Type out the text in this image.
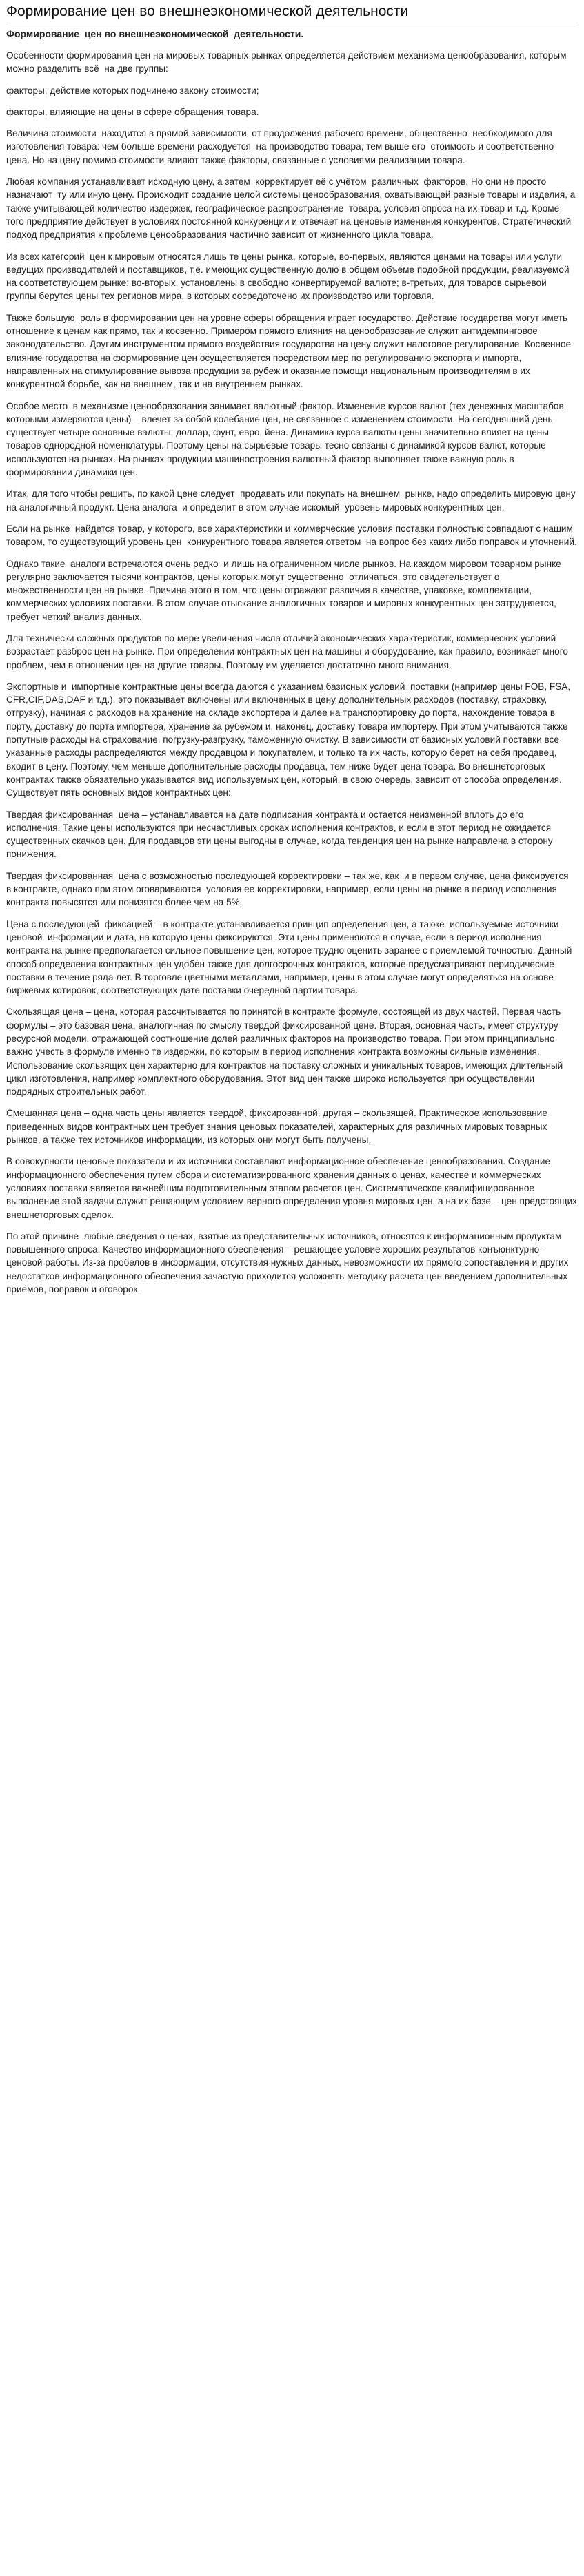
Формирование цен во внешнеэкономической деятельности
Формирование  цен во внешнеэкономической  деятельности.

Особенности формирования цен на мировых товарных рынках определяется действием механизма ценообразования, которым можно разделить всё  на две группы:

факторы, действие которых подчинено закону стоимости;

факторы, влияющие на цены в сфере обращения товара.

Величина стоимости  находится в прямой зависимости  от продолжения рабочего времени, общественно  необходимого для изготовления товара: чем больше времени расходуется  на производство товара, тем выше его  стоимость и соответственно цена. Но на цену помимо стоимости влияют также факторы, связанные с условиями реализации товара.

Любая компания устанавливает исходную цену, а затем  корректирует её с учётом  различных  факторов. Но они не просто назначают  ту или иную цену. Происходит создание целой системы ценообразования, охватывающей разные товары и изделия, а также учитывающей количество издержек, географическое распространение  товара, условия спроса на их товар и т.д. Кроме того предприятие действует в условиях постоянной конкуренции и отвечает на ценовые изменения конкурентов. Стратегический подход предприятия к проблеме ценообразования частично зависит от жизненного цикла товара.

Из всех категорий  цен к мировым относятся лишь те цены рынка, которые, во-первых, являются ценами на товары или услуги ведущих производителей и поставщиков, т.е. имеющих существенную долю в общем объеме подобной продукции, реализуемой на соответствующем рынке; во-вторых, установлены в свободно конвертируемой валюте; в-третьих, для товаров сырьевой группы берутся цены тех регионов мира, в которых сосредоточено их производство или торговля.

Также большую  роль в формировании цен на уровне сферы обращения играет государство. Действие государства могут иметь  отношение к ценам как прямо, так и косвенно. Примером прямого влияния на ценообразование служит антидемпинговое законодательство. Другим инструментом прямого воздействия государства на цену служит налоговое регулирование. Косвенное влияние государства на формирование цен осуществляется посредством мер по регулированию экспорта и импорта, направленных на стимулирование вывоза продукции за рубеж и оказание помощи национальным производителям в их конкурентной борьбе, как на внешнем, так и на внутреннем рынках.

Особое место  в механизме ценообразования занимает валютный фактор. Изменение курсов валют (тех денежных масштабов, которыми измеряются цены) – влечет за собой колебание цен, не связанное с изменением стоимости. На сегодняшний день существует четыре основные валюты: доллар, фунт, евро, йена. Динамика курса валюты цены значительно влияет на цены товаров однородной номенклатуры. Поэтому цены на сырьевые товары тесно связаны с динамикой курсов валют, которые используются на рынках. На рынках продукции машиностроения валютный фактор выполняет также важную роль в формировании динамики цен.

Итак, для того чтобы решить, по какой цене следует  продавать или покупать на внешнем  рынке, надо определить мировую цену на аналогичный продукт. Цена аналога  и определит в этом случае искомый  уровень мировых конкурентных цен.

Если на рынке  найдется товар, у которого, все характеристики и коммерческие условия поставки полностью совпадают с нашим  товаром, то существующий уровень цен  конкурентного товара является ответом  на вопрос без каких либо поправок и уточнений.

Однако такие  аналоги встречаются очень редко  и лишь на ограниченном числе рынков. На каждом мировом товарном рынке  регулярно заключается тысячи контрактов, цены которых могут существенно  отличаться, это свидетельствует о множественности цен на рынке. Причина этого в том, что цены отражают различия в качестве, упаковке, комплектации, коммерческих условиях поставки. В этом случае отыскание аналогичных товаров и мировых конкурентных цен затрудняется, требует четкий анализ данных.

Для технически сложных продуктов по мере увеличения числа отличий экономических характеристик, коммерческих условий возрастает разброс цен на рынке. При определении контрактных цен на машины и оборудование, как правило, возникает много проблем, чем в отношении цен на другие товары. Поэтому им уделяется достаточно много внимания.

Экспортные и  импортные контрактные цены всегда даются с указанием базисных условий  поставки (например цены FOB, FSA, CFR,CIF,DAS,DAF и т.д.), это показывает включены или включенных в цену дополнительных расходов (поставку, страховку, отгрузку), начиная с расходов на хранение на складе экспортера и далее на транспортировку до порта, нахождение товара в порту, доставку до порта импортера, хранение за рубежом и, наконец, доставку товара импортеру. При этом учитываются также попутные расходы на страхование, погрузку-разгрузку, таможенную очистку. В зависимости от базисных условий поставки все указанные расходы распределяются между продавцом и покупателем, и только та их часть, которую берет на себя продавец, входит в цену. Поэтому, чем меньше дополнительные расходы продавца, тем ниже будет цена товара. Во внешнеторговых контрактах также обязательно указывается вид используемых цен, который, в свою очередь, зависит от способа определения. Существует пять основных видов контрактных цен:

Твердая фиксированная  цена – устанавливается на дате подписания контракта и остается неизменной вплоть до его исполнения. Такие цены используются при несчастливых сроках исполнения контрактов, и если в этот период не ожидается существенных скачков цен. Для продавцов эти цены выгодны в случае, когда тенденция цен на рынке направлена в сторону понижения.

Твердая фиксированная  цена с возможностью последующей корректировки – так же, как  и в первом случае, цена фиксируется  в контракте, однако при этом оговариваются  условия ее корректировки, например, если цены на рынке в период исполнения контракта повысятся или понизятся более чем на 5%.

Цена с последующей  фиксацией – в контракте устанавливается принцип определения цен, а также  используемые источники ценовой  информации и дата, на которую цены фиксируются. Эти цены применяются в случае, если в период исполнения контракта на рынке предполагается сильное повышение цен, которое трудно оценить заранее с приемлемой точностью. Данный способ определения контрактных цен удобен также для долгосрочных контрактов, которые предусматривают периодические поставки в течение ряда лет. В торговле цветными металлами, например, цены в этом случае могут определяться на основе биржевых котировок, соответствующих дате поставки очередной партии товара.

Скользящая цена – цена, которая рассчитывается по принятой в контракте формуле, состоящей из двух частей. Первая часть формулы – это базовая цена, аналогичная по смыслу твердой фиксированной цене. Вторая, основная часть, имеет структуру ресурсной модели, отражающей соотношение долей различных факторов на производство товара. При этом принципиально важно учесть в формуле именно те издержки, по которым в период исполнения контракта возможны сильные изменения. Использование скользящих цен характерно для контрактов на поставку сложных и уникальных товаров, имеющих длительный цикл изготовления, например комплектного оборудования. Этот вид цен также широко используется при осуществлении подрядных строительных работ.

Смешанная цена – одна часть цены является твердой, фиксированной, другая – скользящей. Практическое использование приведенных видов контрактных цен требует знания ценовых показателей, характерных для различных мировых товарных рынков, а также тех источников информации, из которых они могут быть получены.

В совокупности ценовые показатели и их источники составляют информационное обеспечение ценообразования. Создание информационного обеспечения путем сбора и систематизированного хранения данных о ценах, качестве и коммерческих условиях поставки является важнейшим подготовительным этапом расчетов цен. Систематическое квалифицированное выполнение этой задачи служит решающим условием верного определения уровня мировых цен, а на их базе – цен предстоящих внешнеторговых сделок.

По этой причине  любые сведения о ценах, взятые из представительных источников, относятся к информационным продуктам повышенного спроса. Качество информационного обеспечения – решающее условие хороших результатов конъюнктурно-ценовой работы. Из-за пробелов в информации, отсутствия нужных данных, невозможности их прямого сопоставления и других недостатков информационного обеспечения зачастую приходится усложнять методику расчета цен введением дополнительных приемов, поправок и оговорок.
